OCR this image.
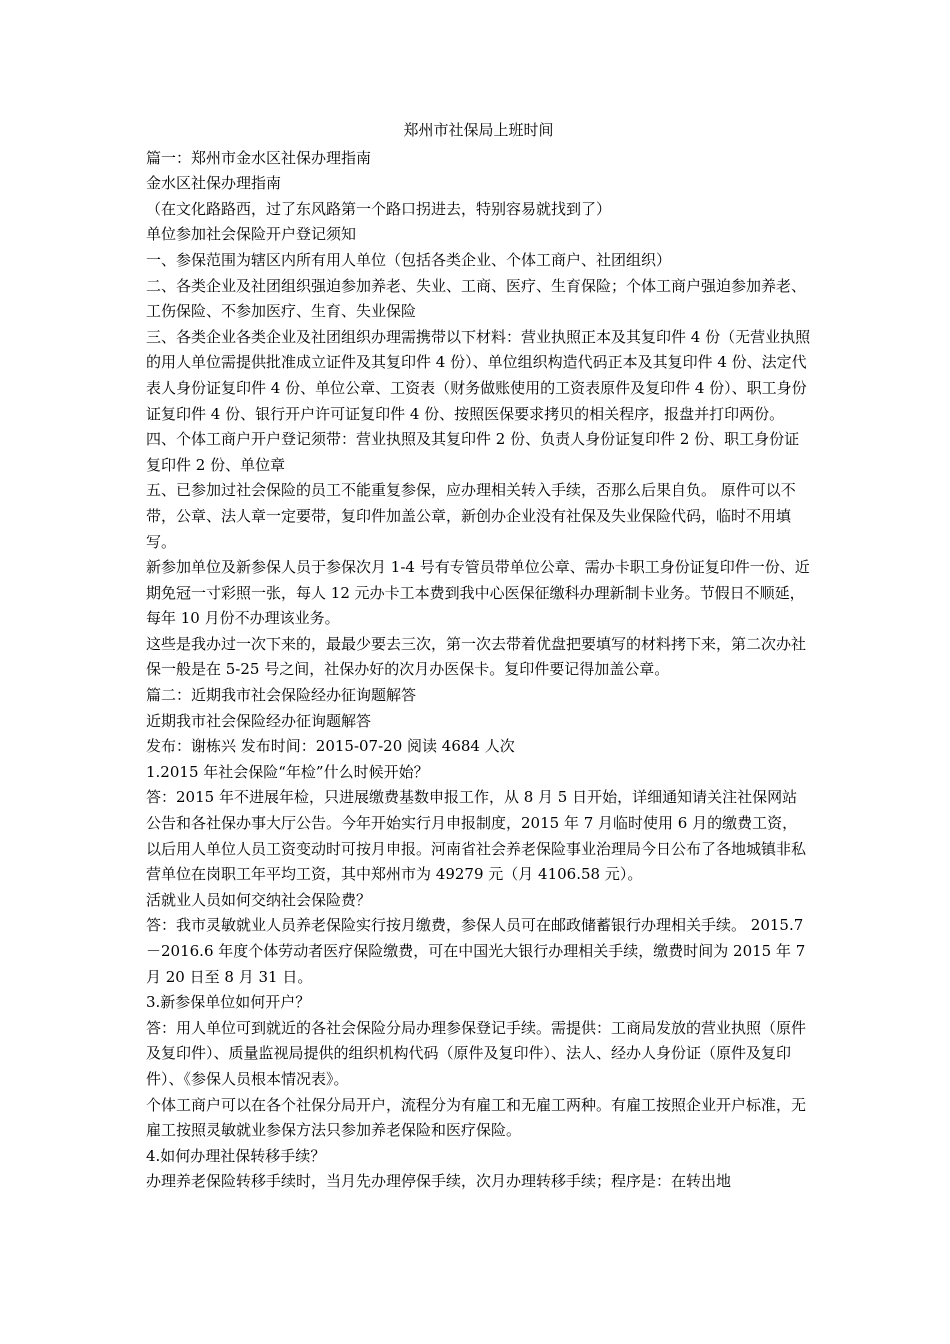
郑州市社保局上班时间
篇一：郑州市金水区社保办理指南
金水区社保办理指南
（在文化路路西，过了东风路第一个路口拐进去，特别容易就找到了）
单位参加社会保险开户登记须知
一、参保范围为辖区内所有用人单位（包括各类企业、个体工商户、社团组织）
二、各类企业及社团组织强迫参加养老、失业、工商、医疗、生育保险；个体工商户强迫参加养老、工伤保险、不参加医疗、生育、失业保险
三、各类企业各类企业及社团组织办理需携带以下材料：营业执照正本及其复印件 4 份（无营业执照的用人单位需提供批准成立证件及其复印件 4 份）、单位组织构造代码正本及其复印件 4 份、法定代表人身份证复印件 4 份、单位公章、工资表（财务做账使用的工资表原件及复印件 4 份）、职工身份证复印件 4 份、银行开户许可证复印件 4 份、按照医保要求拷贝的相关程序，报盘并打印两份。
四、个体工商户开户登记须带：营业执照及其复印件 2 份、负责人身份证复印件 2 份、职工身份证复印件 2 份、单位章
五、已参加过社会保险的员工不能重复参保，应办理相关转入手续，否那么后果自负。 原件可以不带，公章、法人章一定要带，复印件加盖公章，新创办企业没有社保及失业保险代码，临时不用填写。
新参加单位及新参保人员于参保次月 1-4 号有专管员带单位公章、需办卡职工身份证复印件一份、近期免冠一寸彩照一张，每人 12 元办卡工本费到我中心医保征缴科办理新制卡业务。节假日不顺延，每年 10 月份不办理该业务。
这些是我办过一次下来的，最最少要去三次，第一次去带着优盘把要填写的材料拷下来，第二次办社保一般是在 5-25 号之间，社保办好的次月办医保卡。复印件要记得加盖公章。
篇二：近期我市社会保险经办征询题解答
近期我市社会保险经办征询题解答
发布：谢栋兴 发布时间：2015-07-20 阅读 4684 人次
1.2015 年社会保险“年检”什么时候开始？
答：2015 年不进展年检，只进展缴费基数申报工作，从 8 月 5 日开始，详细通知请关注社保网站公告和各社保办事大厅公告。今年开始实行月申报制度，2015 年 7 月临时使用 6 月的缴费工资，以后用人单位人员工资变动时可按月申报。河南省社会养老保险事业治理局今日公布了各地城镇非私营单位在岗职工年平均工资，其中郑州市为 49279 元（月 4106.58 元）。
活就业人员如何交纳社会保险费？
答：我市灵敏就业人员养老保险实行按月缴费，参保人员可在邮政储蓄银行办理相关手续。 2015.7－2016.6 年度个体劳动者医疗保险缴费，可在中国光大银行办理相关手续，缴费时间为 2015 年 7 月 20 日至 8 月 31 日。
3.新参保单位如何开户？
答：用人单位可到就近的各社会保险分局办理参保登记手续。需提供：工商局发放的营业执照（原件及复印件）、质量监视局提供的组织机构代码（原件及复印件）、法人、经办人身份证（原件及复印件）、《参保人员根本情况表》。
个体工商户可以在各个社保分局开户，流程分为有雇工和无雇工两种。有雇工按照企业开户标准，无雇工按照灵敏就业参保方法只参加养老保险和医疗保险。
4.如何办理社保转移手续？
办理养老保险转移手续时，当月先办理停保手续，次月办理转移手续；程序是：在转出地
